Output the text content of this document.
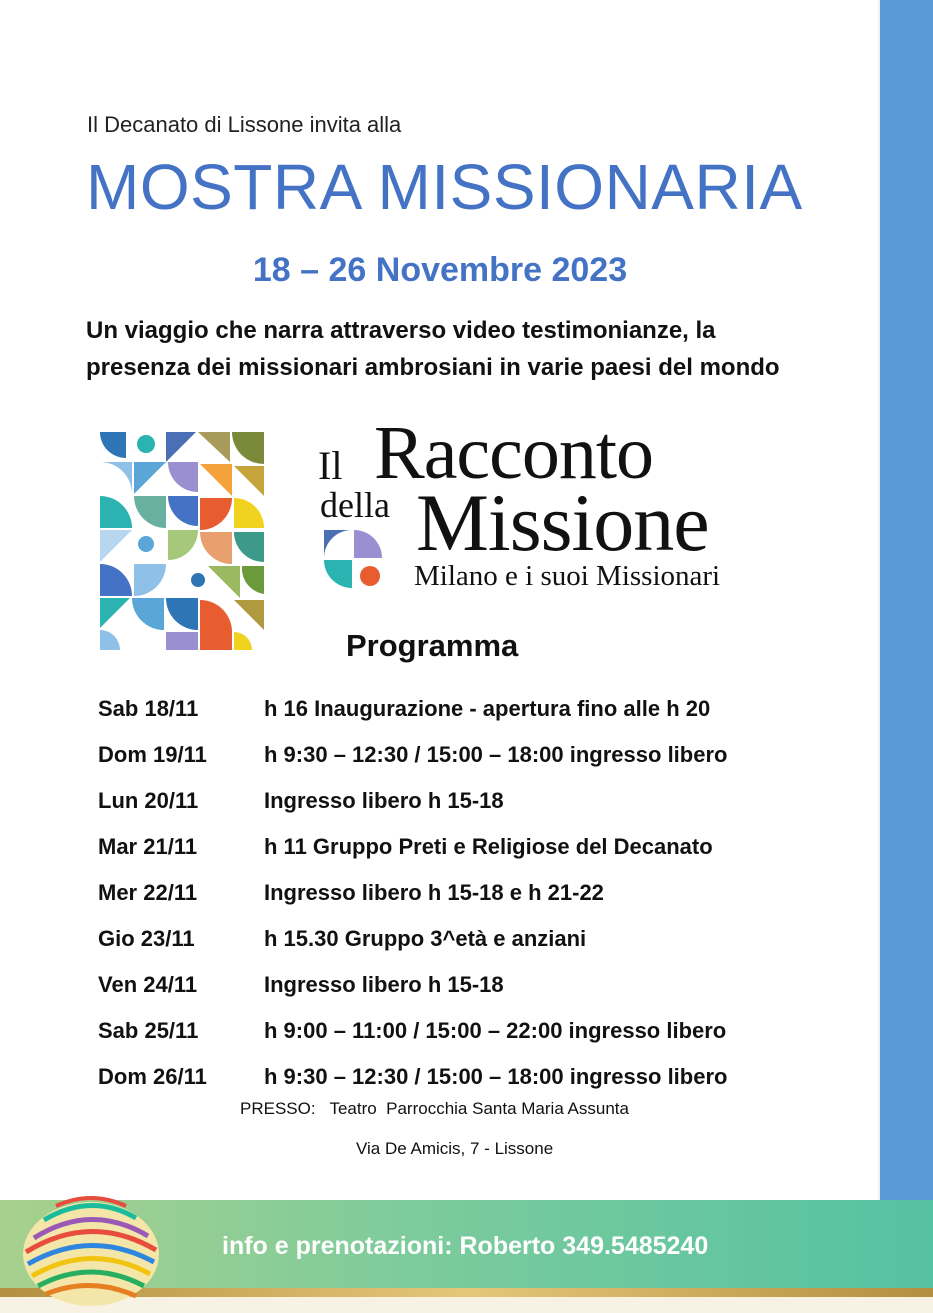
Il Decanato di Lissone invita alla
MOSTRA MISSIONARIA
18 – 26 Novembre 2023
Un viaggio che narra attraverso video testimonianze, la presenza dei missionari ambrosiani in varie paesi del mondo
Il Racconto
della Missione
Milano e i suoi Missionari
Programma
Sab 18/11	h 16 Inaugurazione - apertura fino alle h 20
Dom 19/11	h 9:30 – 12:30 / 15:00 – 18:00 ingresso libero
Lun 20/11	Ingresso libero h 15-18
Mar 21/11	h 11 Gruppo Preti e Religiose del Decanato
Mer 22/11	Ingresso libero h 15-18 e h 21-22
Gio 23/11	h 15.30 Gruppo 3^età e anziani
Ven 24/11	Ingresso libero h 15-18
Sab 25/11	h 9:00 – 11:00 / 15:00 – 22:00 ingresso libero
Dom 26/11	h 9:30 – 12:30 / 15:00 – 18:00 ingresso libero
PRESSO:   Teatro  Parrocchia Santa Maria Assunta
Via De Amicis, 7 - Lissone
info e prenotazioni: Roberto 349.5485240
